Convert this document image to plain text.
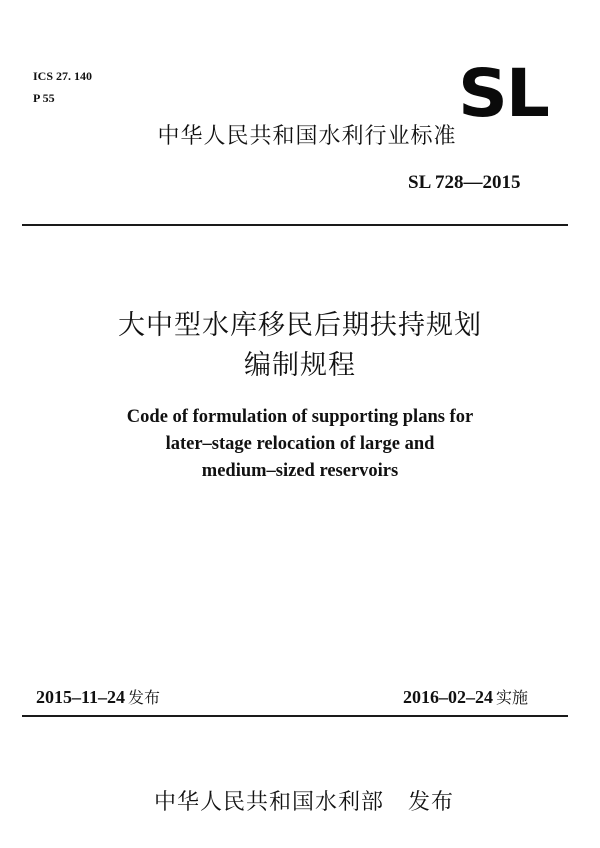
ICS 27. 140
P 55	SL
中华人民共和国水利行业标准
SL 728—2015
大中型水库移民后期扶持规划
编制规程
Code of formulation of supporting plans for
later–stage relocation of large and
medium–sized reservoirs
2015–11–24 发布	2016–02–24 实施
中华人民共和国水利部 发布
